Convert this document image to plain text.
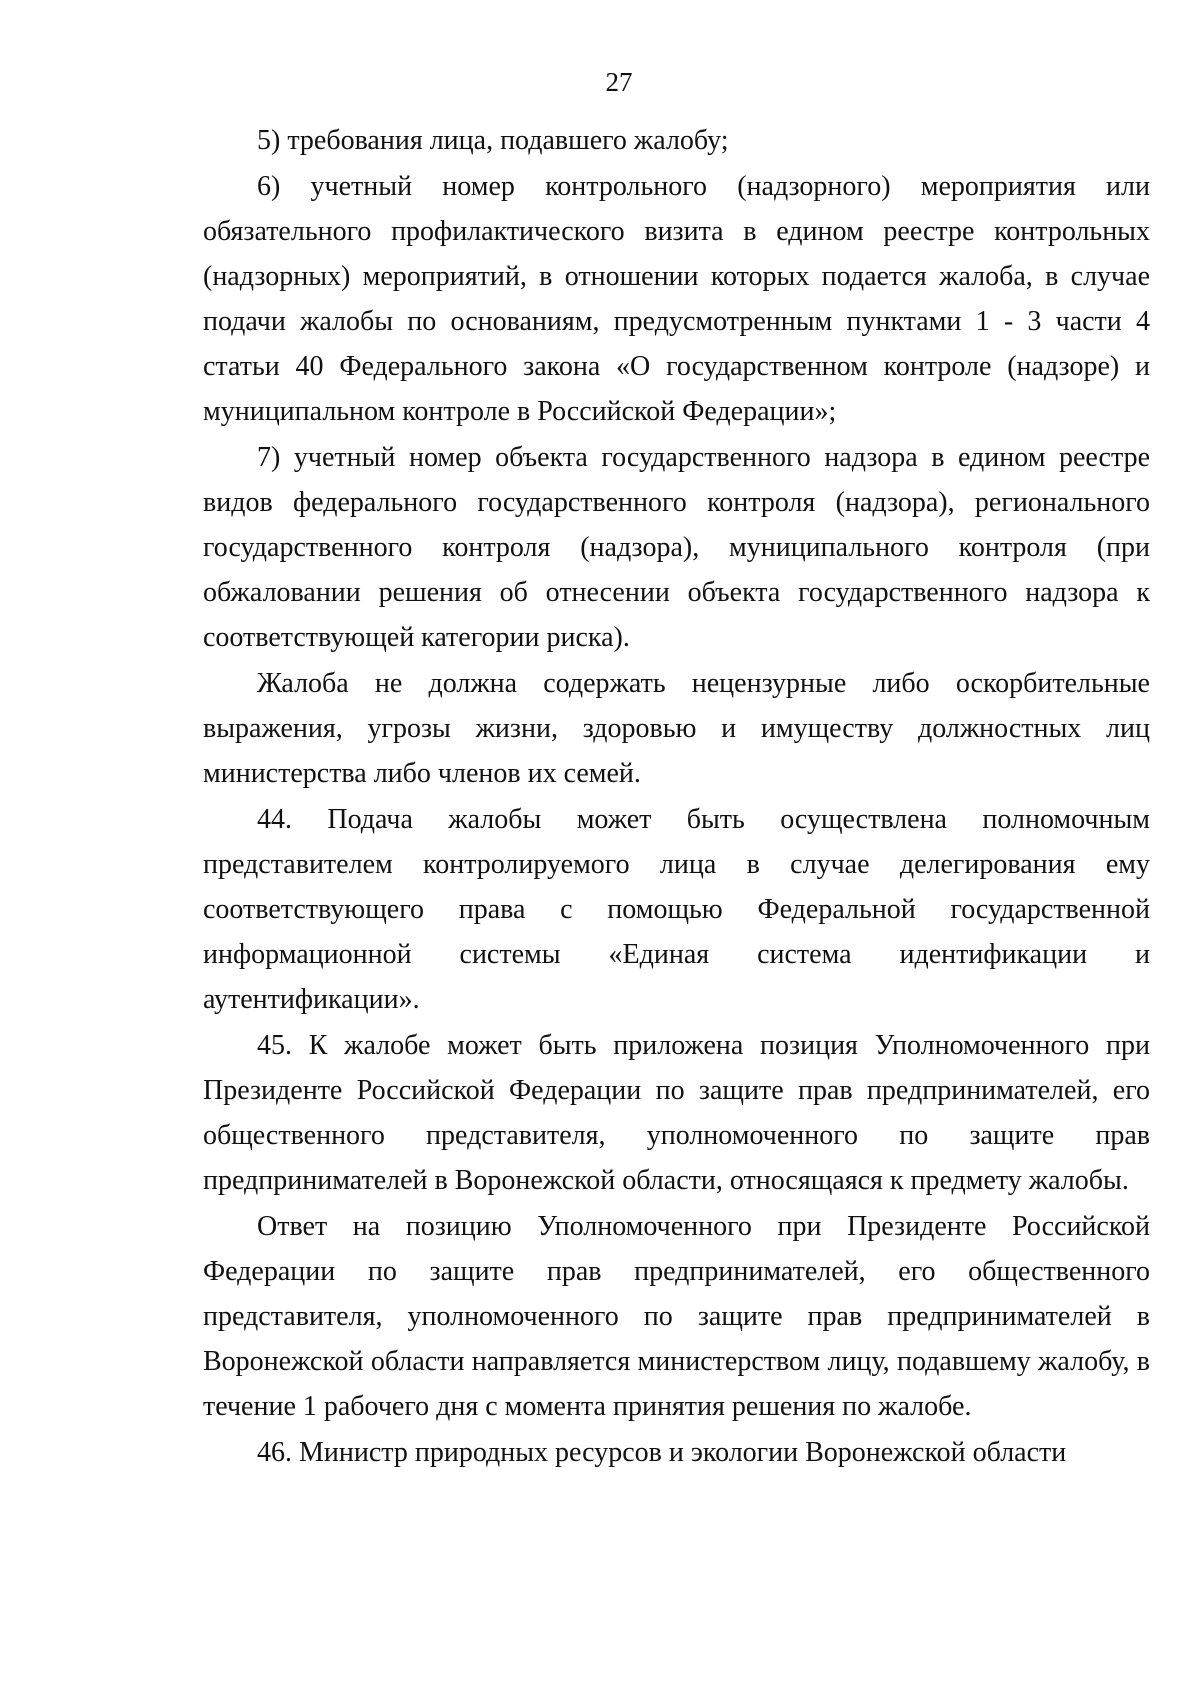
27

5) требования лица, подавшего жалобу;

6) учетный номер контрольного (надзорного) мероприятия или обязательного профилактического визита в едином реестре контрольных (надзорных) мероприятий, в отношении которых подается жалоба, в случае подачи жалобы по основаниям, предусмотренным пунктами 1 - 3 части 4 статьи 40 Федерального закона «О государственном контроле (надзоре) и муниципальном контроле в Российской Федерации»;

7) учетный номер объекта государственного надзора в едином реестре видов федерального государственного контроля (надзора), регионального государственного контроля (надзора), муниципального контроля (при обжаловании решения об отнесении объекта государственного надзора к соответствующей категории риска).

Жалоба не должна содержать нецензурные либо оскорбительные выражения, угрозы жизни, здоровью и имуществу должностных лиц министерства либо членов их семей.

44. Подача жалобы может быть осуществлена полномочным представителем контролируемого лица в случае делегирования ему соответствующего права с помощью Федеральной государственной информационной системы «Единая система идентификации и аутентификации».

45. К жалобе может быть приложена позиция Уполномоченного при Президенте Российской Федерации по защите прав предпринимателей, его общественного представителя, уполномоченного по защите прав предпринимателей в Воронежской области, относящаяся к предмету жалобы.

Ответ на позицию Уполномоченного при Президенте Российской Федерации по защите прав предпринимателей, его общественного представителя, уполномоченного по защите прав предпринимателей в Воронежской области направляется министерством лицу, подавшему жалобу, в течение 1 рабочего дня с момента принятия решения по жалобе.

46. Министр природных ресурсов и экологии Воронежской области
